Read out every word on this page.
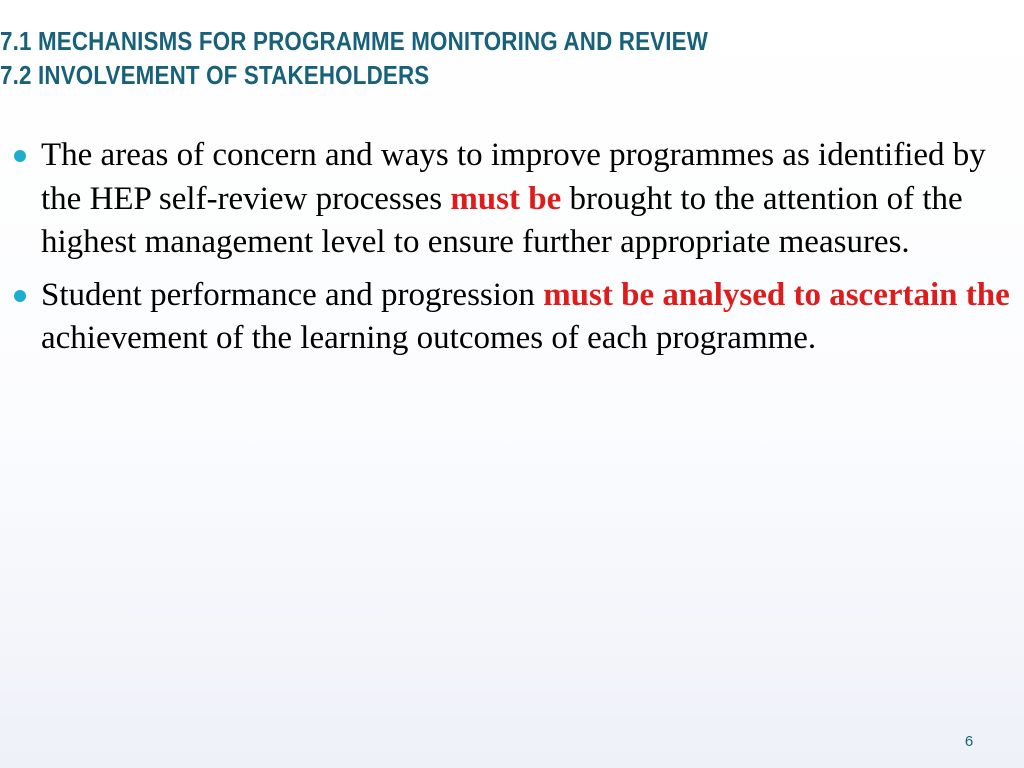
7.1 MECHANISMS FOR PROGRAMME MONITORING AND REVIEW
7.2 INVOLVEMENT OF STAKEHOLDERS
The areas of concern and ways to improve programmes as identified by the HEP self-review processes must be brought to the attention of the highest management level to ensure further appropriate measures.
Student performance and progression must be analysed to ascertain the achievement of the learning outcomes of each programme.
6
